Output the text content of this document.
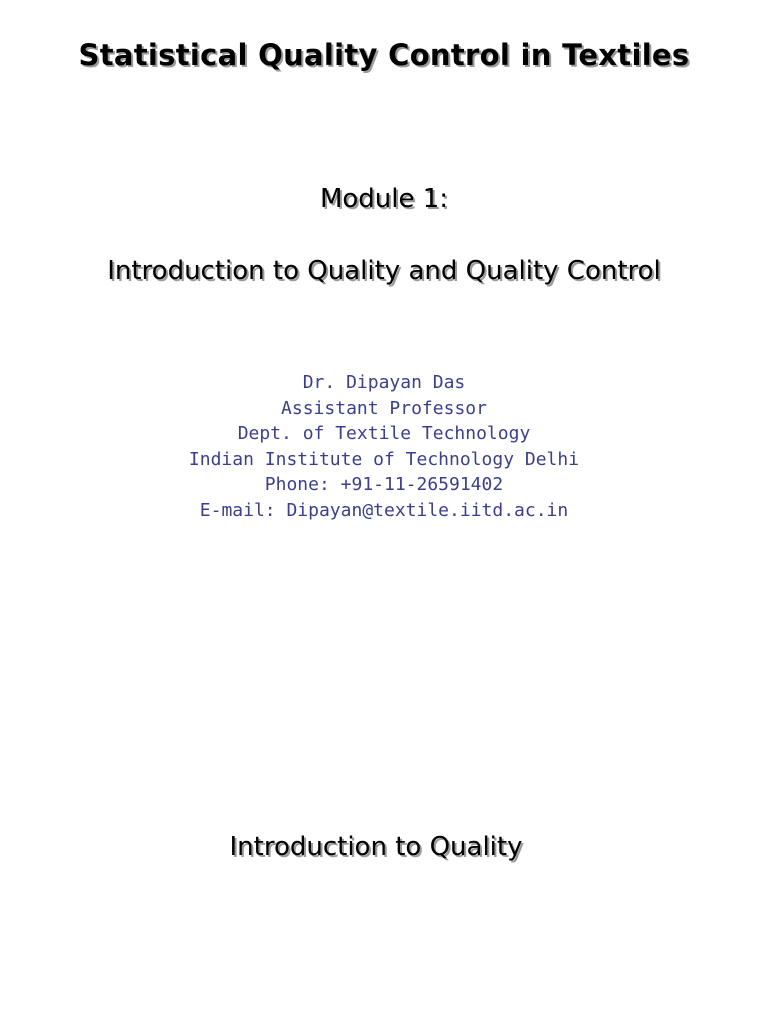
Statistical Quality Control in Textiles
Module 1:
Introduction to Quality and Quality Control
Dr. Dipayan Das
Assistant Professor
Dept. of Textile Technology
Indian Institute of Technology Delhi
Phone: +91-11-26591402
E-mail: Dipayan@textile.iitd.ac.in
Introduction to Quality
